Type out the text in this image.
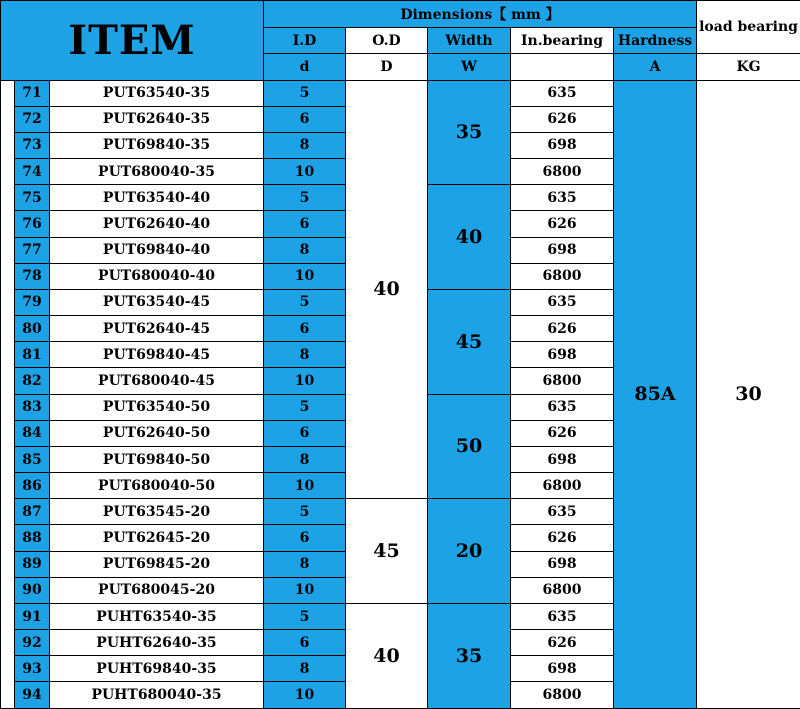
ITEM			Dimensions【 mm 】					load bearing
			I.D	O.D	Width	In.bearing	Hardness	
			d	D	W		A	KG
	71	PUT63540-35	5	40	35	635	85A	30
	72	PUT62640-35	6			626		
	73	PUT69840-35	8			698		
	74	PUT680040-35	10			6800		
	75	PUT63540-40	5		40	635		
	76	PUT62640-40	6			626		
	77	PUT69840-40	8			698		
	78	PUT680040-40	10			6800		
	79	PUT63540-45	5		45	635		
	80	PUT62640-45	6			626		
	81	PUT69840-45	8			698		
	82	PUT680040-45	10			6800		
	83	PUT63540-50	5		50	635		
	84	PUT62640-50	6			626		
	85	PUT69840-50	8			698		
	86	PUT680040-50	10			6800		
	87	PUT63545-20	5	45	20	635		
	88	PUT62645-20	6			626		
	89	PUT69845-20	8			698		
	90	PUT680045-20	10			6800		
	91	PUHT63540-35	5	40	35	635		
	92	PUHT62640-35	6			626		
	93	PUHT69840-35	8			698		
	94	PUHT680040-35	10			6800		
